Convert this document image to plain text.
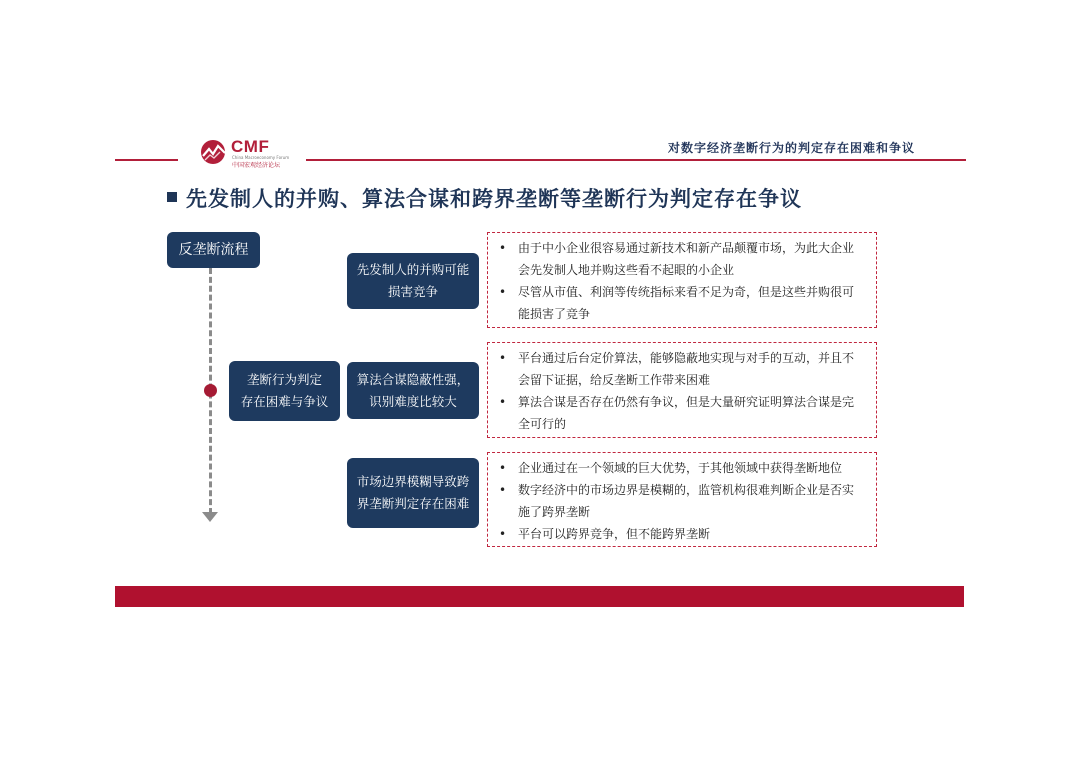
CMF
China Macroeconomy Forum
中国宏观经济论坛
对数字经济垄断行为的判定存在困难和争议
先发制人的并购、算法合谋和跨界垄断等垄断行为判定存在争议
反垄断流程
垄断行为判定
存在困难与争议
先发制人的并购可能
损害竞争
算法合谋隐蔽性强，
识别难度比较大
市场边界模糊导致跨
界垄断判定存在困难
• 由于中小企业很容易通过新技术和新产品颠覆市场，为此大企业
会先发制人地并购这些看不起眼的小企业
• 尽管从市值、利润等传统指标来看不足为奇，但是这些并购很可
能损害了竞争
• 平台通过后台定价算法，能够隐蔽地实现与对手的互动，并且不
会留下证据，给反垄断工作带来困难
• 算法合谋是否存在仍然有争议，但是大量研究证明算法合谋是完
全可行的
• 企业通过在一个领域的巨大优势，于其他领域中获得垄断地位
• 数字经济中的市场边界是模糊的，监管机构很难判断企业是否实
施了跨界垄断
• 平台可以跨界竞争，但不能跨界垄断
